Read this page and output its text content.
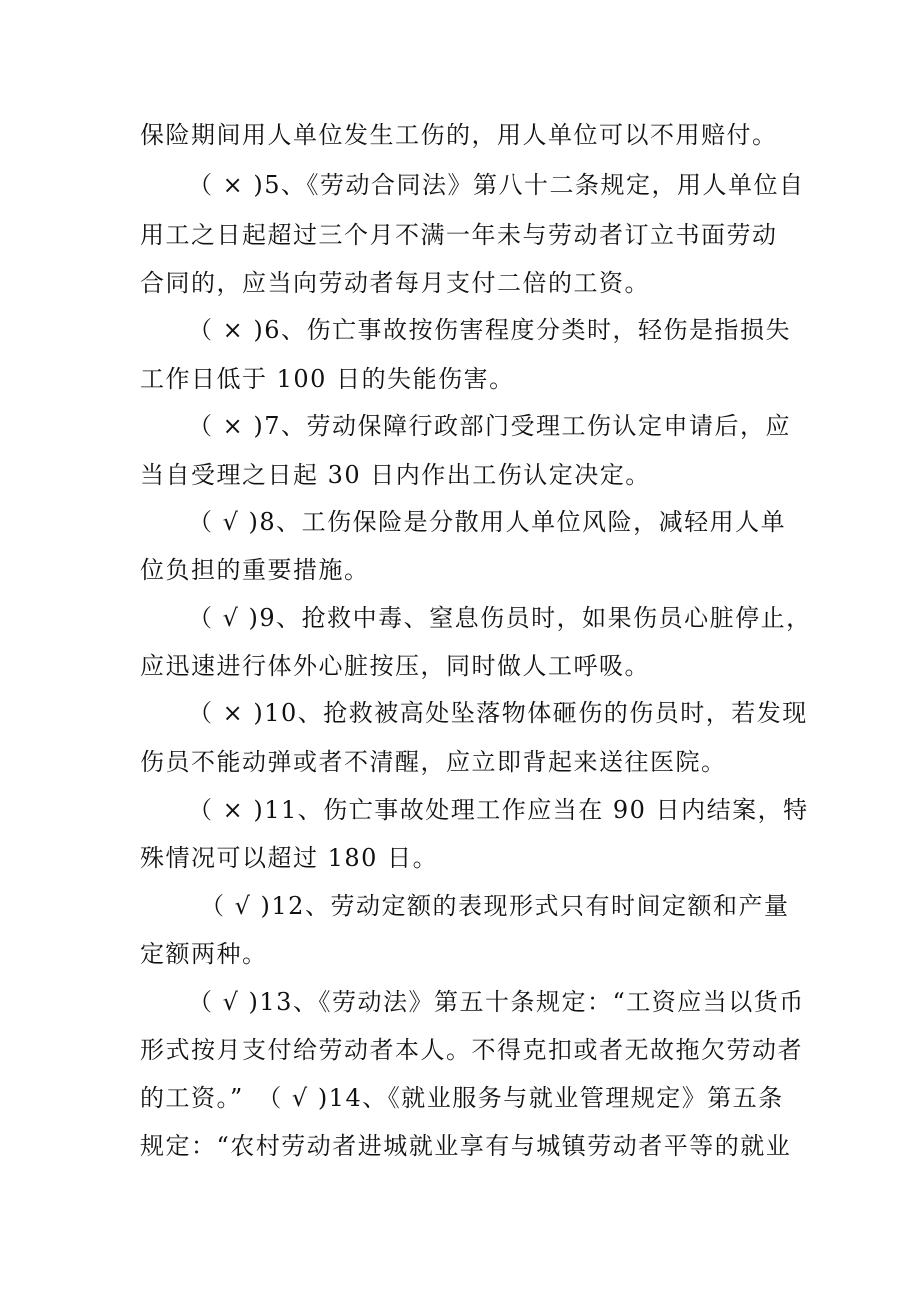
保险期间用人单位发生工伤的，用人单位可以不用赔付。
（ × )5、《劳动合同法》第八十二条规定，用人单位自
用工之日起超过三个月不满一年未与劳动者订立书面劳动
合同的，应当向劳动者每月支付二倍的工资。
（ × )6、伤亡事故按伤害程度分类时，轻伤是指损失
工作日低于 100 日的失能伤害。
（ × )7、劳动保障行政部门受理工伤认定申请后，应
当自受理之日起 30 日内作出工伤认定决定。
（ √ )8、工伤保险是分散用人单位风险，减轻用人单
位负担的重要措施。
（ √ )9、抢救中毒、窒息伤员时，如果伤员心脏停止，
应迅速进行体外心脏按压，同时做人工呼吸。
（ × )10、抢救被高处坠落物体砸伤的伤员时，若发现
伤员不能动弹或者不清醒，应立即背起来送往医院。
（ × )11、伤亡事故处理工作应当在 90 日内结案，特
殊情况可以超过 180 日。
（ √ )12、劳动定额的表现形式只有时间定额和产量
定额两种。
（ √ )13、《劳动法》第五十条规定：“工资应当以货币
形式按月支付给劳动者本人。不得克扣或者无故拖欠劳动者
的工资。”　（ √ )14、《就业服务与就业管理规定》第五条
规定：“农村劳动者进城就业享有与城镇劳动者平等的就业
